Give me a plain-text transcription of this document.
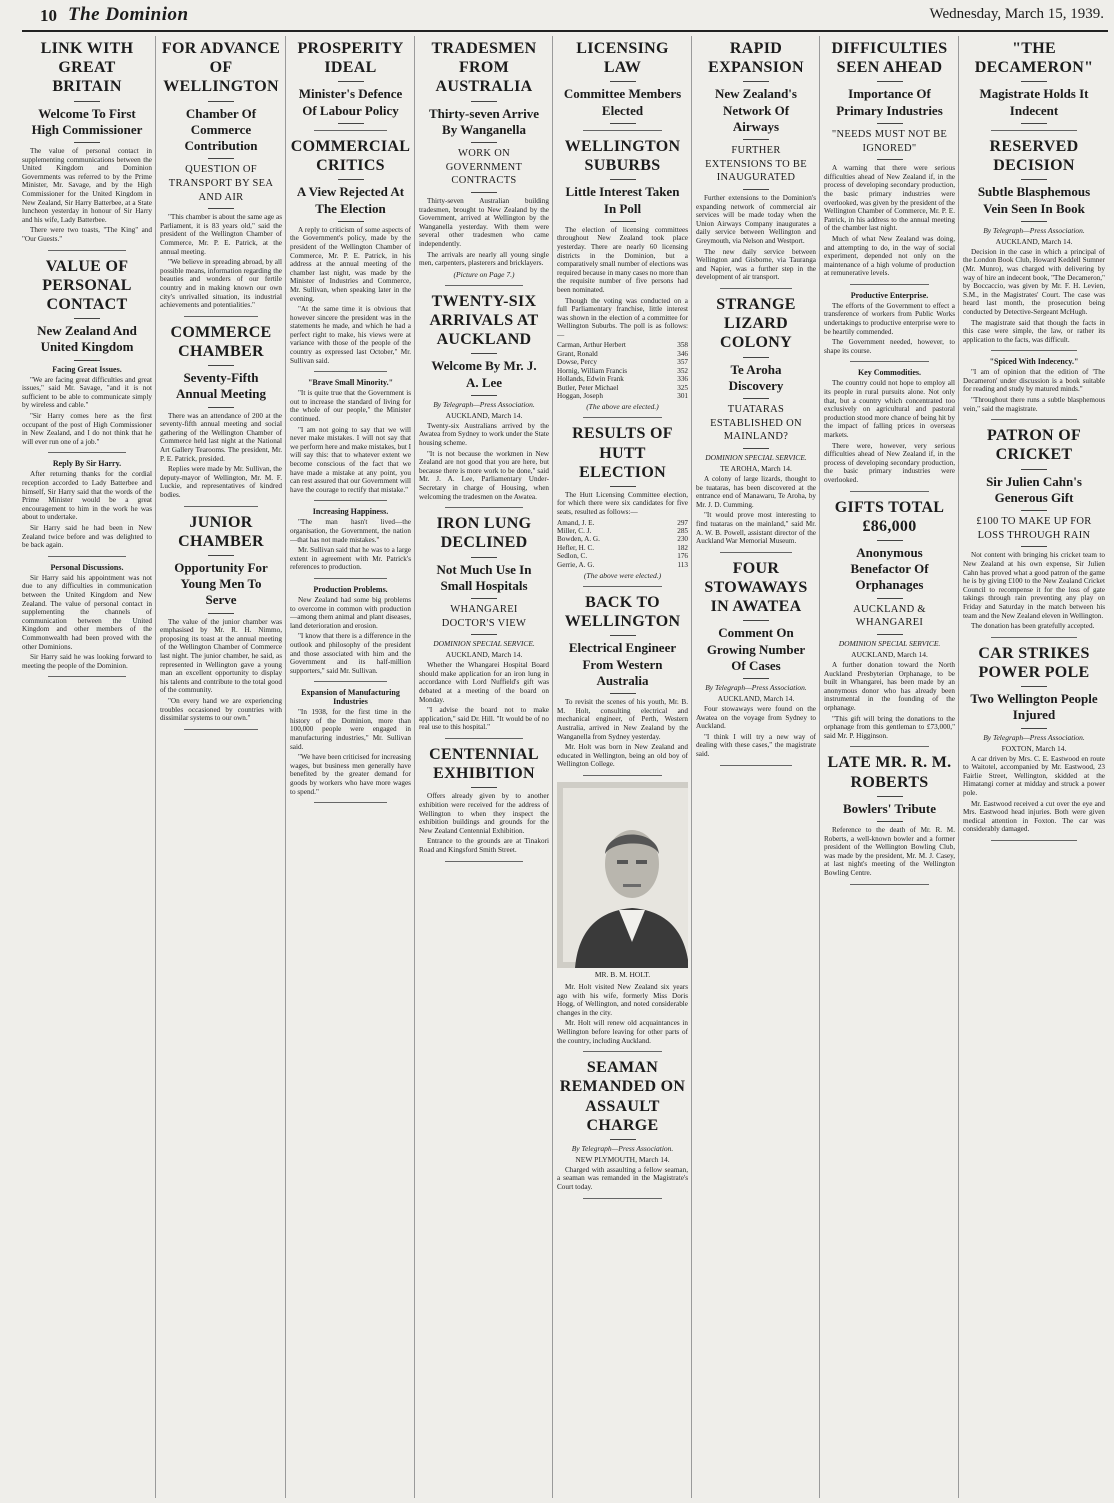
10 The Dominion	Wednesday, March 15, 1939.
LINK WITH GREAT BRITAIN
Welcome To First High Commissioner

The value of personal contact in supplementing communications between the United Kingdom and Dominion Governments was referred to by the Prime Minister, Mr. Savage, and by the High Commissioner for the United Kingdom in New Zealand, Sir Harry Batterbee, at a State luncheon yesterday in honour of Sir Harry and his wife, Lady Batterbee.

There were two toasts, "The King" and "Our Guests."

VALUE OF PERSONAL CONTACT
New Zealand And United Kingdom
Facing Great Issues.

"We are facing great difficulties and great issues," said Mr. Savage, "and it is not sufficient to be able to communicate simply by wireless and cable."

"Sir Harry comes here as the first occupant of the post of High Commissioner in New Zealand, and I do not think that he will ever run one of a job."

Reply By Sir Harry.

After returning thanks for the cordial reception accorded to Lady Batterbee and himself, Sir Harry said that the words of the Prime Minister would be a great encouragement to him in the work he was about to undertake.

Sir Harry said he had been in New Zealand twice before and was delighted to be back again.

Personal Discussions.

Sir Harry said his appointment was not due to any difficulties in communication between the United Kingdom and New Zealand. The value of personal contact in supplementing the channels of communication between the United Kingdom and other members of the Commonwealth had been proved with the other Dominions.

Sir Harry said he was looking forward to meeting the people of the Dominion.

FOR ADVANCE OF WELLINGTON
Chamber Of Commerce Contribution
QUESTION OF TRANSPORT BY SEA AND AIR

"This chamber is about the same age as Parliament, it is 83 years old," said the president of the Wellington Chamber of Commerce, Mr. P. E. Patrick, at the annual meeting.

"We believe in spreading abroad, by all possible means, information regarding the beauties and wonders of our fertile country and in making known our own city's unrivalled situation, its industrial achievements and potentialities."

COMMERCE CHAMBER
Seventy-Fifth Annual Meeting

There was an attendance of 200 at the seventy-fifth annual meeting and social gathering of the Wellington Chamber of Commerce held last night at the National Art Gallery Tearooms. The president, Mr. P. E. Patrick, presided.

Replies were made by Mr. Sullivan, the deputy-mayor of Wellington, Mr. M. F. Luckie, and representatives of kindred bodies.

JUNIOR CHAMBER
Opportunity For Young Men To Serve

The value of the junior chamber was emphasised by Mr. R. H. Nimmo, proposing its toast at the annual meeting of the Wellington Chamber of Commerce last night. The junior chamber, he said, as represented in Wellington gave a young man an excellent opportunity to display his talents and contribute to the total good of the community.

"On every hand we are experiencing troubles occasioned by countries with dissimilar systems to our own."

PROSPERITY IDEAL
Minister's Defence Of Labour Policy
COMMERCIAL CRITICS
A View Rejected At The Election

A reply to criticism of some aspects of the Government's policy, made by the president of the Wellington Chamber of Commerce, Mr. P. E. Patrick, in his address at the annual meeting of the chamber last night, was made by the Minister of Industries and Commerce, Mr. Sullivan, when speaking later in the evening.

"At the same time it is obvious that however sincere the president was in the statements he made, and which he had a perfect right to make, his views were at variance with those of the people of the country as expressed last October," Mr. Sullivan said.

"Brave Small Minority."

"It is quite true that the Government is out to increase the standard of living for the whole of our people," the Minister continued.

"I am not going to say that we will never make mistakes. I will not say that we perform here and make mistakes, but I will say this: that to whatever extent we become conscious of the fact that we have made a mistake at any point, you can rest assured that our Government will have the courage to rectify that mistake."

Increasing Happiness.

"The man hasn't lived—the organisation, the Government, the nation—that has not made mistakes."

Mr. Sullivan said that he was to a large extent in agreement with Mr. Patrick's references to production.

Production Problems.

New Zealand had some big problems to overcome in common with production—among them animal and plant diseases, land deterioration and erosion.

"I know that there is a difference in the outlook and philosophy of the president and those associated with him and the Government and its half-million supporters," said Mr. Sullivan.

Expansion of Manufacturing Industries

"In 1938, for the first time in the history of the Dominion, more than 100,000 people were engaged in manufacturing industries," Mr. Sullivan said.

"We have been criticised for increasing wages, but business men generally have benefited by the greater demand for goods by workers who have more wages to spend."

TRADESMEN FROM AUSTRALIA
Thirty-seven Arrive By Wanganella
WORK ON GOVERNMENT CONTRACTS

Thirty-seven Australian building tradesmen, brought to New Zealand by the Government, arrived at Wellington by the Wanganella yesterday. With them were several other tradesmen who came independently.

The arrivals are nearly all young single men, carpenters, plasterers and bricklayers.

(Picture on Page 7.)
TWENTY-SIX ARRIVALS AT AUCKLAND
Welcome By Mr. J. A. Lee
By Telegraph—Press Association.
AUCKLAND, March 14.

Twenty-six Australians arrived by the Awatea from Sydney to work under the State housing scheme.

"It is not because the workmen in New Zealand are not good that you are here, but because there is more work to be done," said Mr. J. A. Lee, Parliamentary Under-Secretary in charge of Housing, when welcoming the tradesmen on the Awatea.

IRON LUNG DECLINED
Not Much Use In Small Hospitals
WHANGAREI DOCTOR'S VIEW
DOMINION SPECIAL SERVICE.
AUCKLAND, March 14.

Whether the Whangarei Hospital Board should make application for an iron lung in accordance with Lord Nuffield's gift was debated at a meeting of the board on Monday.

"I advise the board not to make application," said Dr. Hill. "It would be of no real use to this hospital."

CENTENNIAL EXHIBITION

Offers already given by to another exhibition were received for the address of Wellington to when they inspect the exhibition buildings and grounds for the New Zealand Centennial Exhibition.

Entrance to the grounds are at Tinakori Road and Kingsford Smith Street.

LICENSING LAW
Committee Members Elected
WELLINGTON SUBURBS
Little Interest Taken In Poll

The election of licensing committees throughout New Zealand took place yesterday. There are nearly 60 licensing districts in the Dominion, but a comparatively small number of elections was required because in many cases no more than the requisite number of five persons had been nominated.

Though the voting was conducted on a full Parliamentary franchise, little interest was shown in the election of a committee for Wellington Suburbs. The poll is as follows:—

Carman, Arthur Herbert	358
Grant, Ronald	346
Dowse, Percy	357
Hornig, William Francis	352
Hollands, Edwin Frank	336
Butler, Peter Michael	325
Hoggan, Joseph	301
(The above are elected.)
RESULTS OF HUTT ELECTION

The Hutt Licensing Committee election, for which there were six candidates for five seats, resulted as follows:—

Amand, J. E.	297
Miller, C. J.	285
Bowden, A. G.	230
Hefler, H. C.	182
Sedlon, C.	176
Gerrie, A. G.	113
(The above were elected.)
BACK TO WELLINGTON
Electrical Engineer From Western Australia

To revisit the scenes of his youth, Mr. B. M. Holt, consulting electrical and mechanical engineer, of Perth, Western Australia, arrived in New Zealand by the Wanganella from Sydney yesterday.

Mr. Holt was born in New Zealand and educated in Wellington, being an old boy of Wellington College.

MR. B. M. HOLT.

Mr. Holt visited New Zealand six years ago with his wife, formerly Miss Doris Hogg, of Wellington, and noted considerable changes in the city.

Mr. Holt will renew old acquaintances in Wellington before leaving for other parts of the country, including Auckland.

SEAMAN REMANDED ON ASSAULT CHARGE
By Telegraph—Press Association.
NEW PLYMOUTH, March 14.

Charged with assaulting a fellow seaman, a seaman was remanded in the Magistrate's Court today.

RAPID EXPANSION
New Zealand's Network Of Airways
FURTHER EXTENSIONS TO BE INAUGURATED

Further extensions to the Dominion's expanding network of commercial air services will be made today when the Union Airways Company inaugurates a daily service between Wellington and Greymouth, via Nelson and Westport.

The new daily service between Wellington and Gisborne, via Tauranga and Napier, was a further step in the development of air transport.

STRANGE LIZARD COLONY
Te Aroha Discovery
TUATARAS ESTABLISHED ON MAINLAND?
DOMINION SPECIAL SERVICE.
TE AROHA, March 14.

A colony of large lizards, thought to be tuataras, has been discovered at the entrance end of Manawaru, Te Aroha, by Mr. J. D. Cumming.

"It would prove most interesting to find tuataras on the mainland," said Mr. A. W. B. Powell, assistant director of the Auckland War Memorial Museum.

FOUR STOWAWAYS IN AWATEA
Comment On Growing Number Of Cases
By Telegraph—Press Association.
AUCKLAND, March 14.

Four stowaways were found on the Awatea on the voyage from Sydney to Auckland.

"I think I will try a new way of dealing with these cases," the magistrate said.

DIFFICULTIES SEEN AHEAD
Importance Of Primary Industries
"NEEDS MUST NOT BE IGNORED"

A warning that there were serious difficulties ahead of New Zealand if, in the process of developing secondary production, the basic primary industries were overlooked, was given by the president of the Wellington Chamber of Commerce, Mr. P. E. Patrick, in his address to the annual meeting of the chamber last night.

Much of what New Zealand was doing, and attempting to do, in the way of social experiment, depended not only on the maintenance of a high volume of production at remunerative levels.

Productive Enterprise.

The efforts of the Government to effect a transference of workers from Public Works undertakings to productive enterprise were to be heartily commended.

The Government needed, however, to shape its course.

Key Commodities.

The country could not hope to employ all its people in rural pursuits alone. Not only that, but a country which concentrated too exclusively on agricultural and pastoral production stood more chance of being hit by the impact of falling prices in overseas markets.

There were, however, very serious difficulties ahead of New Zealand if, in the process of developing secondary production, the basic primary industries were overlooked.

GIFTS TOTAL £86,000
Anonymous Benefactor Of Orphanages
AUCKLAND & WHANGAREI
DOMINION SPECIAL SERVICE.
AUCKLAND, March 14.

A further donation toward the North Auckland Presbyterian Orphanage, to be built in Whangarei, has been made by an anonymous donor who has already been instrumental in the founding of the orphanage.

"This gift will bring the donations to the orphanage from this gentleman to £73,000," said Mr. P. Higginson.

LATE MR. R. M. ROBERTS
Bowlers' Tribute

Reference to the death of Mr. R. M. Roberts, a well-known bowler and a former president of the Wellington Bowling Club, was made by the president, Mr. M. J. Casey, at last night's meeting of the Wellington Bowling Centre.

"THE DECAMERON"
Magistrate Holds It Indecent
RESERVED DECISION
Subtle Blasphemous Vein Seen In Book
By Telegraph—Press Association.
AUCKLAND, March 14.

Decision in the case in which a principal of the London Book Club, Howard Keddell Sumner (Mr. Munro), was charged with delivering by way of hire an indecent book, "The Decameron," by Boccaccio, was given by Mr. F. H. Levien, S.M., in the Magistrates' Court. The case was heard last month, the prosecution being conducted by Detective-Sergeant McHugh.

The magistrate said that though the facts in this case were simple, the law, or rather its application to the facts, was difficult.

"Spiced With Indecency."

"I am of opinion that the edition of 'The Decameron' under discussion is a book suitable for reading and study by matured minds."

"Throughout there runs a subtle blasphemous vein," said the magistrate.

PATRON OF CRICKET
Sir Julien Cahn's Generous Gift
£100 TO MAKE UP FOR LOSS THROUGH RAIN

Not content with bringing his cricket team to New Zealand at his own expense, Sir Julien Cahn has proved what a good patron of the game he is by giving £100 to the New Zealand Cricket Council to recompense it for the loss of gate takings through rain preventing any play on Friday and Saturday in the match between his team and the New Zealand eleven in Wellington.

The donation has been gratefully accepted.

CAR STRIKES POWER POLE
Two Wellington People Injured
By Telegraph—Press Association.
FOXTON, March 14.

A car driven by Mrs. C. E. Eastwood en route to Waitotel, accompanied by Mr. Eastwood, 23 Fairlie Street, Wellington, skidded at the Himatangi corner at midday and struck a power pole.

Mr. Eastwood received a cut over the eye and Mrs. Eastwood head injuries. Both were given medical attention in Foxton. The car was considerably damaged.
